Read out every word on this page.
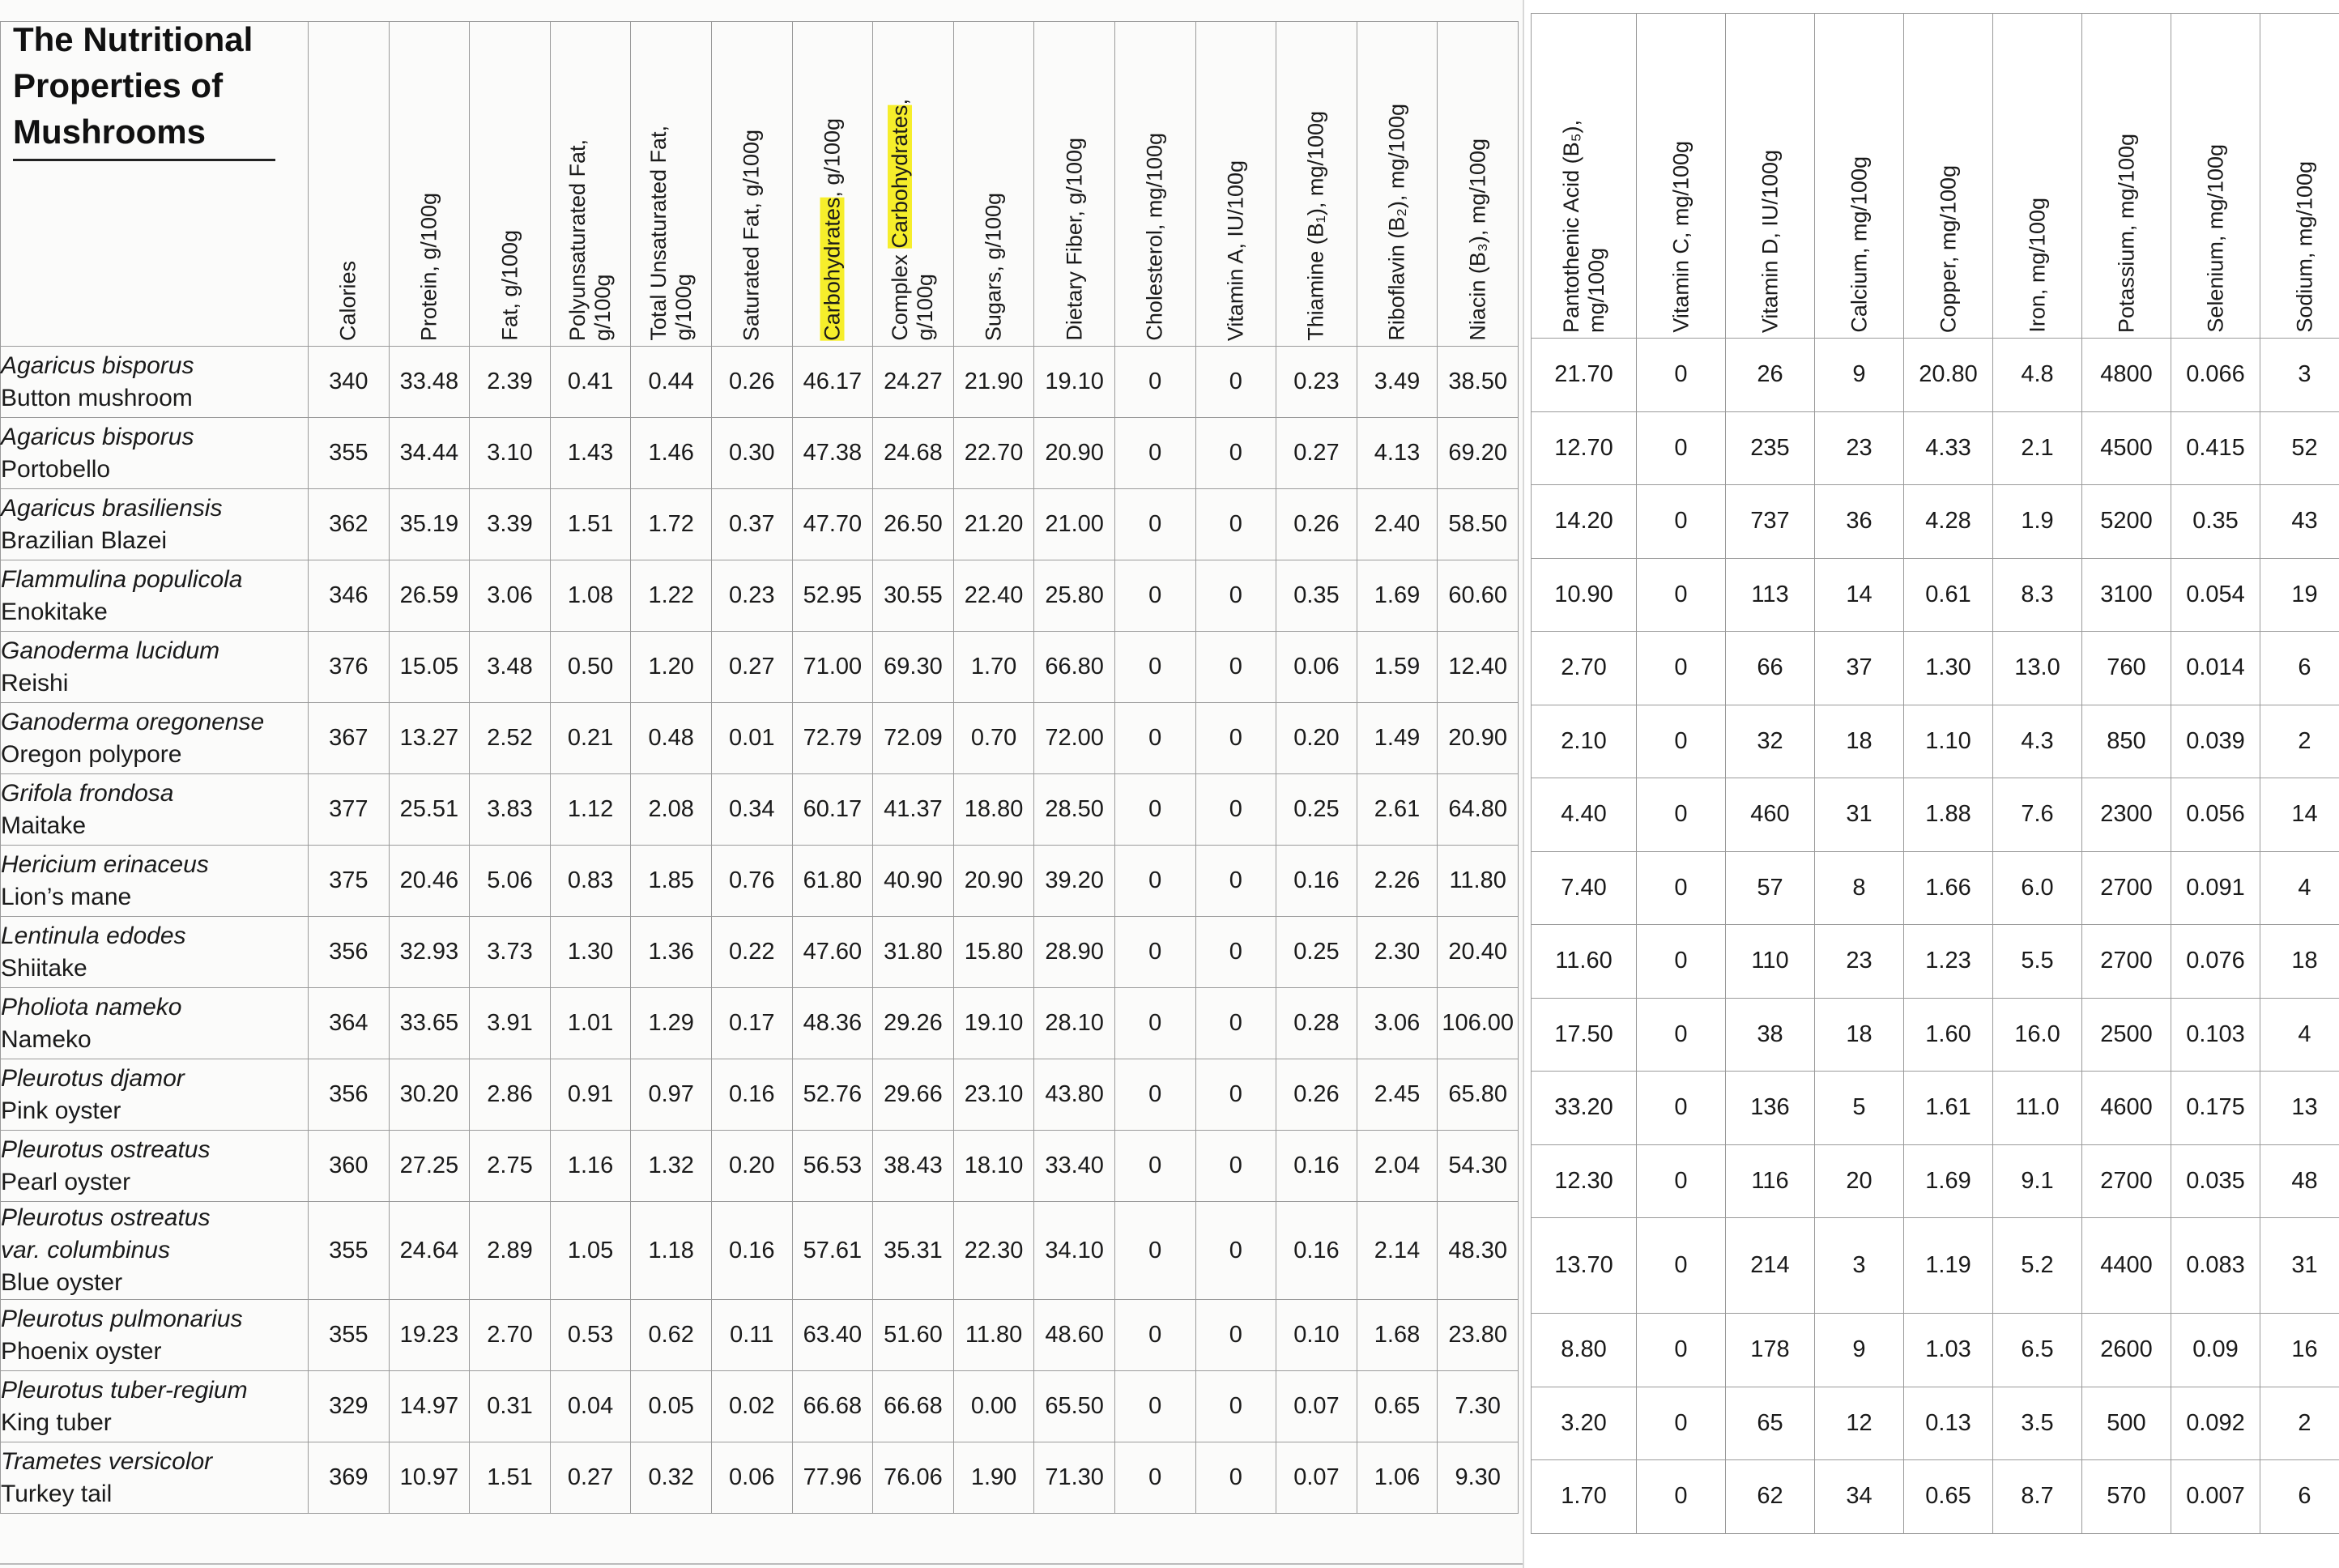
The Nutritional Properties of Mushrooms

	Calories	Protein, g/100g	Fat, g/100g	Polyunsaturated Fat,
g/100g	Total Unsaturated Fat,
g/100g	Saturated Fat, g/100g	Carbohydrates, g/100g	Complex Carbohydrates,
g/100g	Sugars, g/100g	Dietary Fiber, g/100g	Cholesterol, mg/100g	Vitamin A, IU/100g	Thiamine (B₁), mg/100g	Riboflavin (B₂), mg/100g	Niacin (B₃), mg/100g

Agaricus bisporus
Button mushroom	340	33.48	2.39	0.41	0.44	0.26	46.17	24.27	21.90	19.10	0	0	0.23	3.49	38.50

Agaricus bisporus
Portobello	355	34.44	3.10	1.43	1.46	0.30	47.38	24.68	22.70	20.90	0	0	0.27	4.13	69.20

Agaricus brasiliensis
Brazilian Blazei	362	35.19	3.39	1.51	1.72	0.37	47.70	26.50	21.20	21.00	0	0	0.26	2.40	58.50

Flammulina populicola
Enokitake	346	26.59	3.06	1.08	1.22	0.23	52.95	30.55	22.40	25.80	0	0	0.35	1.69	60.60

Ganoderma lucidum
Reishi	376	15.05	3.48	0.50	1.20	0.27	71.00	69.30	1.70	66.80	0	0	0.06	1.59	12.40

Ganoderma oregonense
Oregon polypore	367	13.27	2.52	0.21	0.48	0.01	72.79	72.09	0.70	72.00	0	0	0.20	1.49	20.90

Grifola frondosa
Maitake	377	25.51	3.83	1.12	2.08	0.34	60.17	41.37	18.80	28.50	0	0	0.25	2.61	64.80

Hericium erinaceus
Lion’s mane	375	20.46	5.06	0.83	1.85	0.76	61.80	40.90	20.90	39.20	0	0	0.16	2.26	11.80

Lentinula edodes
Shiitake	356	32.93	3.73	1.30	1.36	0.22	47.60	31.80	15.80	28.90	0	0	0.25	2.30	20.40

Pholiota nameko
Nameko	364	33.65	3.91	1.01	1.29	0.17	48.36	29.26	19.10	28.10	0	0	0.28	3.06	106.00

Pleurotus djamor
Pink oyster	356	30.20	2.86	0.91	0.97	0.16	52.76	29.66	23.10	43.80	0	0	0.26	2.45	65.80

Pleurotus ostreatus
Pearl oyster	360	27.25	2.75	1.16	1.32	0.20	56.53	38.43	18.10	33.40	0	0	0.16	2.04	54.30

Pleurotus ostreatus
var. columbinus
Blue oyster	355	24.64	2.89	1.05	1.18	0.16	57.61	35.31	22.30	34.10	0	0	0.16	2.14	48.30

Pleurotus pulmonarius
Phoenix oyster	355	19.23	2.70	0.53	0.62	0.11	63.40	51.60	11.80	48.60	0	0	0.10	1.68	23.80

Pleurotus tuber-regium
King tuber	329	14.97	0.31	0.04	0.05	0.02	66.68	66.68	0.00	65.50	0	0	0.07	0.65	7.30

Trametes versicolor
Turkey tail	369	10.97	1.51	0.27	0.32	0.06	77.96	76.06	1.90	71.30	0	0	0.07	1.06	9.30
Pantothenic Acid (B₅),
mg/100g	Vitamin C, mg/100g	Vitamin D, IU/100g	Calcium, mg/100g	Copper, mg/100g	Iron, mg/100g	Potassium, mg/100g	Selenium, mg/100g	Sodium, mg/100g

21.70	0	26	9	20.80	4.8	4800	0.066	3
12.70	0	235	23	4.33	2.1	4500	0.415	52
14.20	0	737	36	4.28	1.9	5200	0.35	43
10.90	0	113	14	0.61	8.3	3100	0.054	19
2.70	0	66	37	1.30	13.0	760	0.014	6
2.10	0	32	18	1.10	4.3	850	0.039	2
4.40	0	460	31	1.88	7.6	2300	0.056	14
7.40	0	57	8	1.66	6.0	2700	0.091	4
11.60	0	110	23	1.23	5.5	2700	0.076	18
17.50	0	38	18	1.60	16.0	2500	0.103	4
33.20	0	136	5	1.61	11.0	4600	0.175	13
12.30	0	116	20	1.69	9.1	2700	0.035	48
13.70	0	214	3	1.19	5.2	4400	0.083	31
8.80	0	178	9	1.03	6.5	2600	0.09	16
3.20	0	65	12	0.13	3.5	500	0.092	2
1.70	0	62	34	0.65	8.7	570	0.007	6
